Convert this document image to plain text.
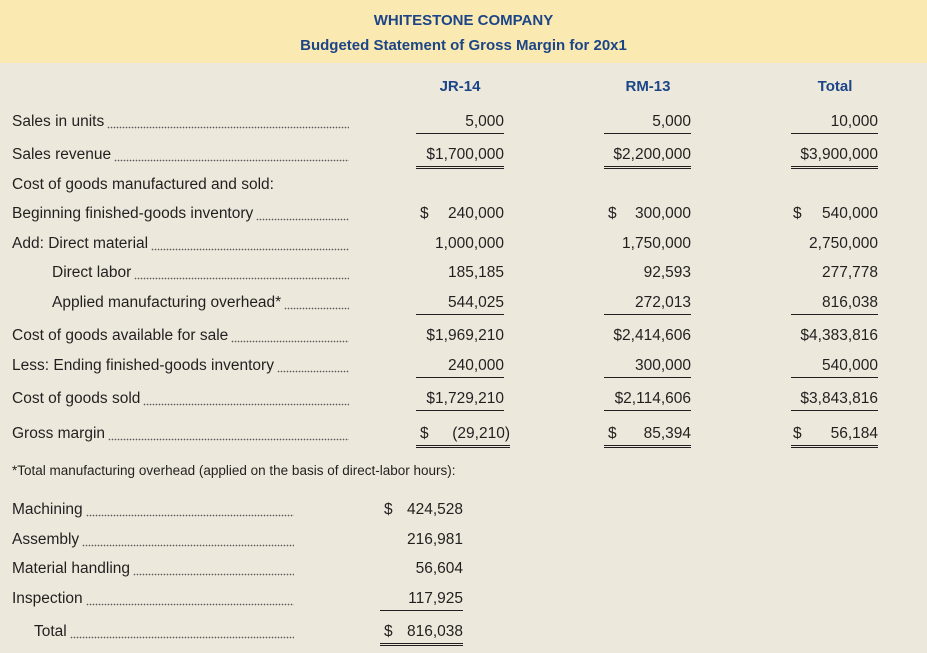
WHITESTONE COMPANY
Budgeted Statement of Gross Margin for 20x1
JR-14	RM-13	Total
Sales in units	5,000	5,000	10,000
Sales revenue	$1,700,000	$2,200,000	$3,900,000
Cost of goods manufactured and sold:
Beginning finished-goods inventory	$ 240,000	$ 300,000	$ 540,000
Add: Direct material	1,000,000	1,750,000	2,750,000
Direct labor	185,185	92,593	277,778
Applied manufacturing overhead*	544,025	272,013	816,038
Cost of goods available for sale	$1,969,210	$2,414,606	$4,383,816
Less: Ending finished-goods inventory	240,000	300,000	540,000
Cost of goods sold	$1,729,210	$2,114,606	$3,843,816
Gross margin	$ (29,210)	$ 85,394	$ 56,184
*Total manufacturing overhead (applied on the basis of direct-labor hours):
Machining	$ 424,528
Assembly	216,981
Material handling	56,604
Inspection	117,925
Total	$ 816,038
